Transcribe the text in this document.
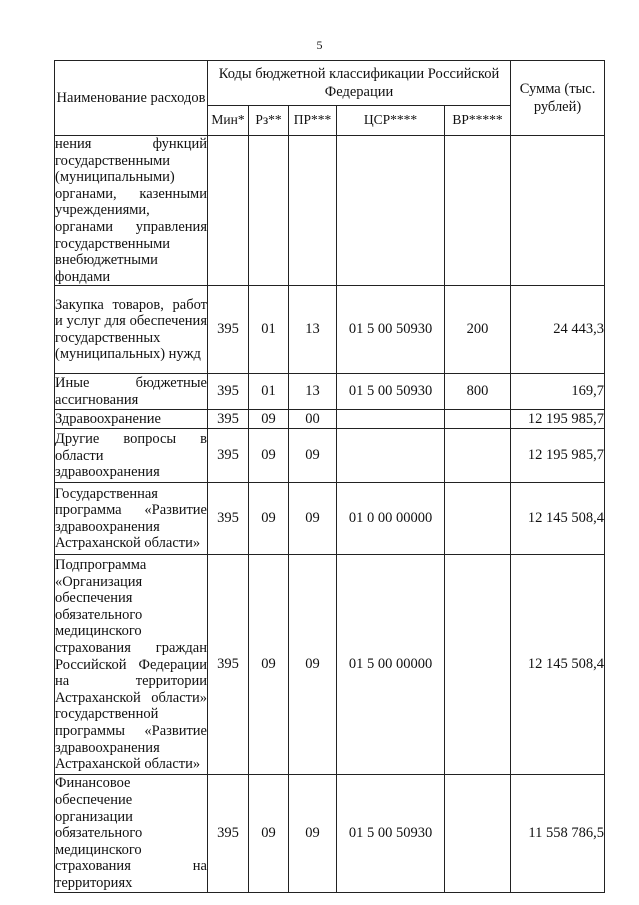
5
Наименование расходов	Коды бюджетной классификации Российской Федерации					Сумма (тыс. рублей)
	Мин*	Рз**	ПР***	ЦСР****	ВР*****	
нения функций государственными (муниципальными) органами, казенными учреждениями, органами управления государственными внебюджетными фондами						
Закупка товаров, работ и услуг для обеспечения государственных (муниципальных) нужд	395	01	13	01 5 00 50930	200	24 443,3
Иные бюджетные ассигнования	395	01	13	01 5 00 50930	800	169,7
Здравоохранение	395	09	00			12 195 985,7
Другие вопросы в области здравоохранения	395	09	09			12 195 985,7
Государственная программа «Развитие здравоохранения Астраханской области»	395	09	09	01 0 00 00000		12 145 508,4
Подпрограмма «Организация обеспечения обязательного медицинского страхования граждан Российской Федерации на территории Астраханской области» государственной программы «Развитие здравоохранения Астраханской области»	395	09	09	01 5 00 00000		12 145 508,4
Финансовое обеспечение организации обязательного медицинского страхования на территориях	395	09	09	01 5 00 50930		11 558 786,5
